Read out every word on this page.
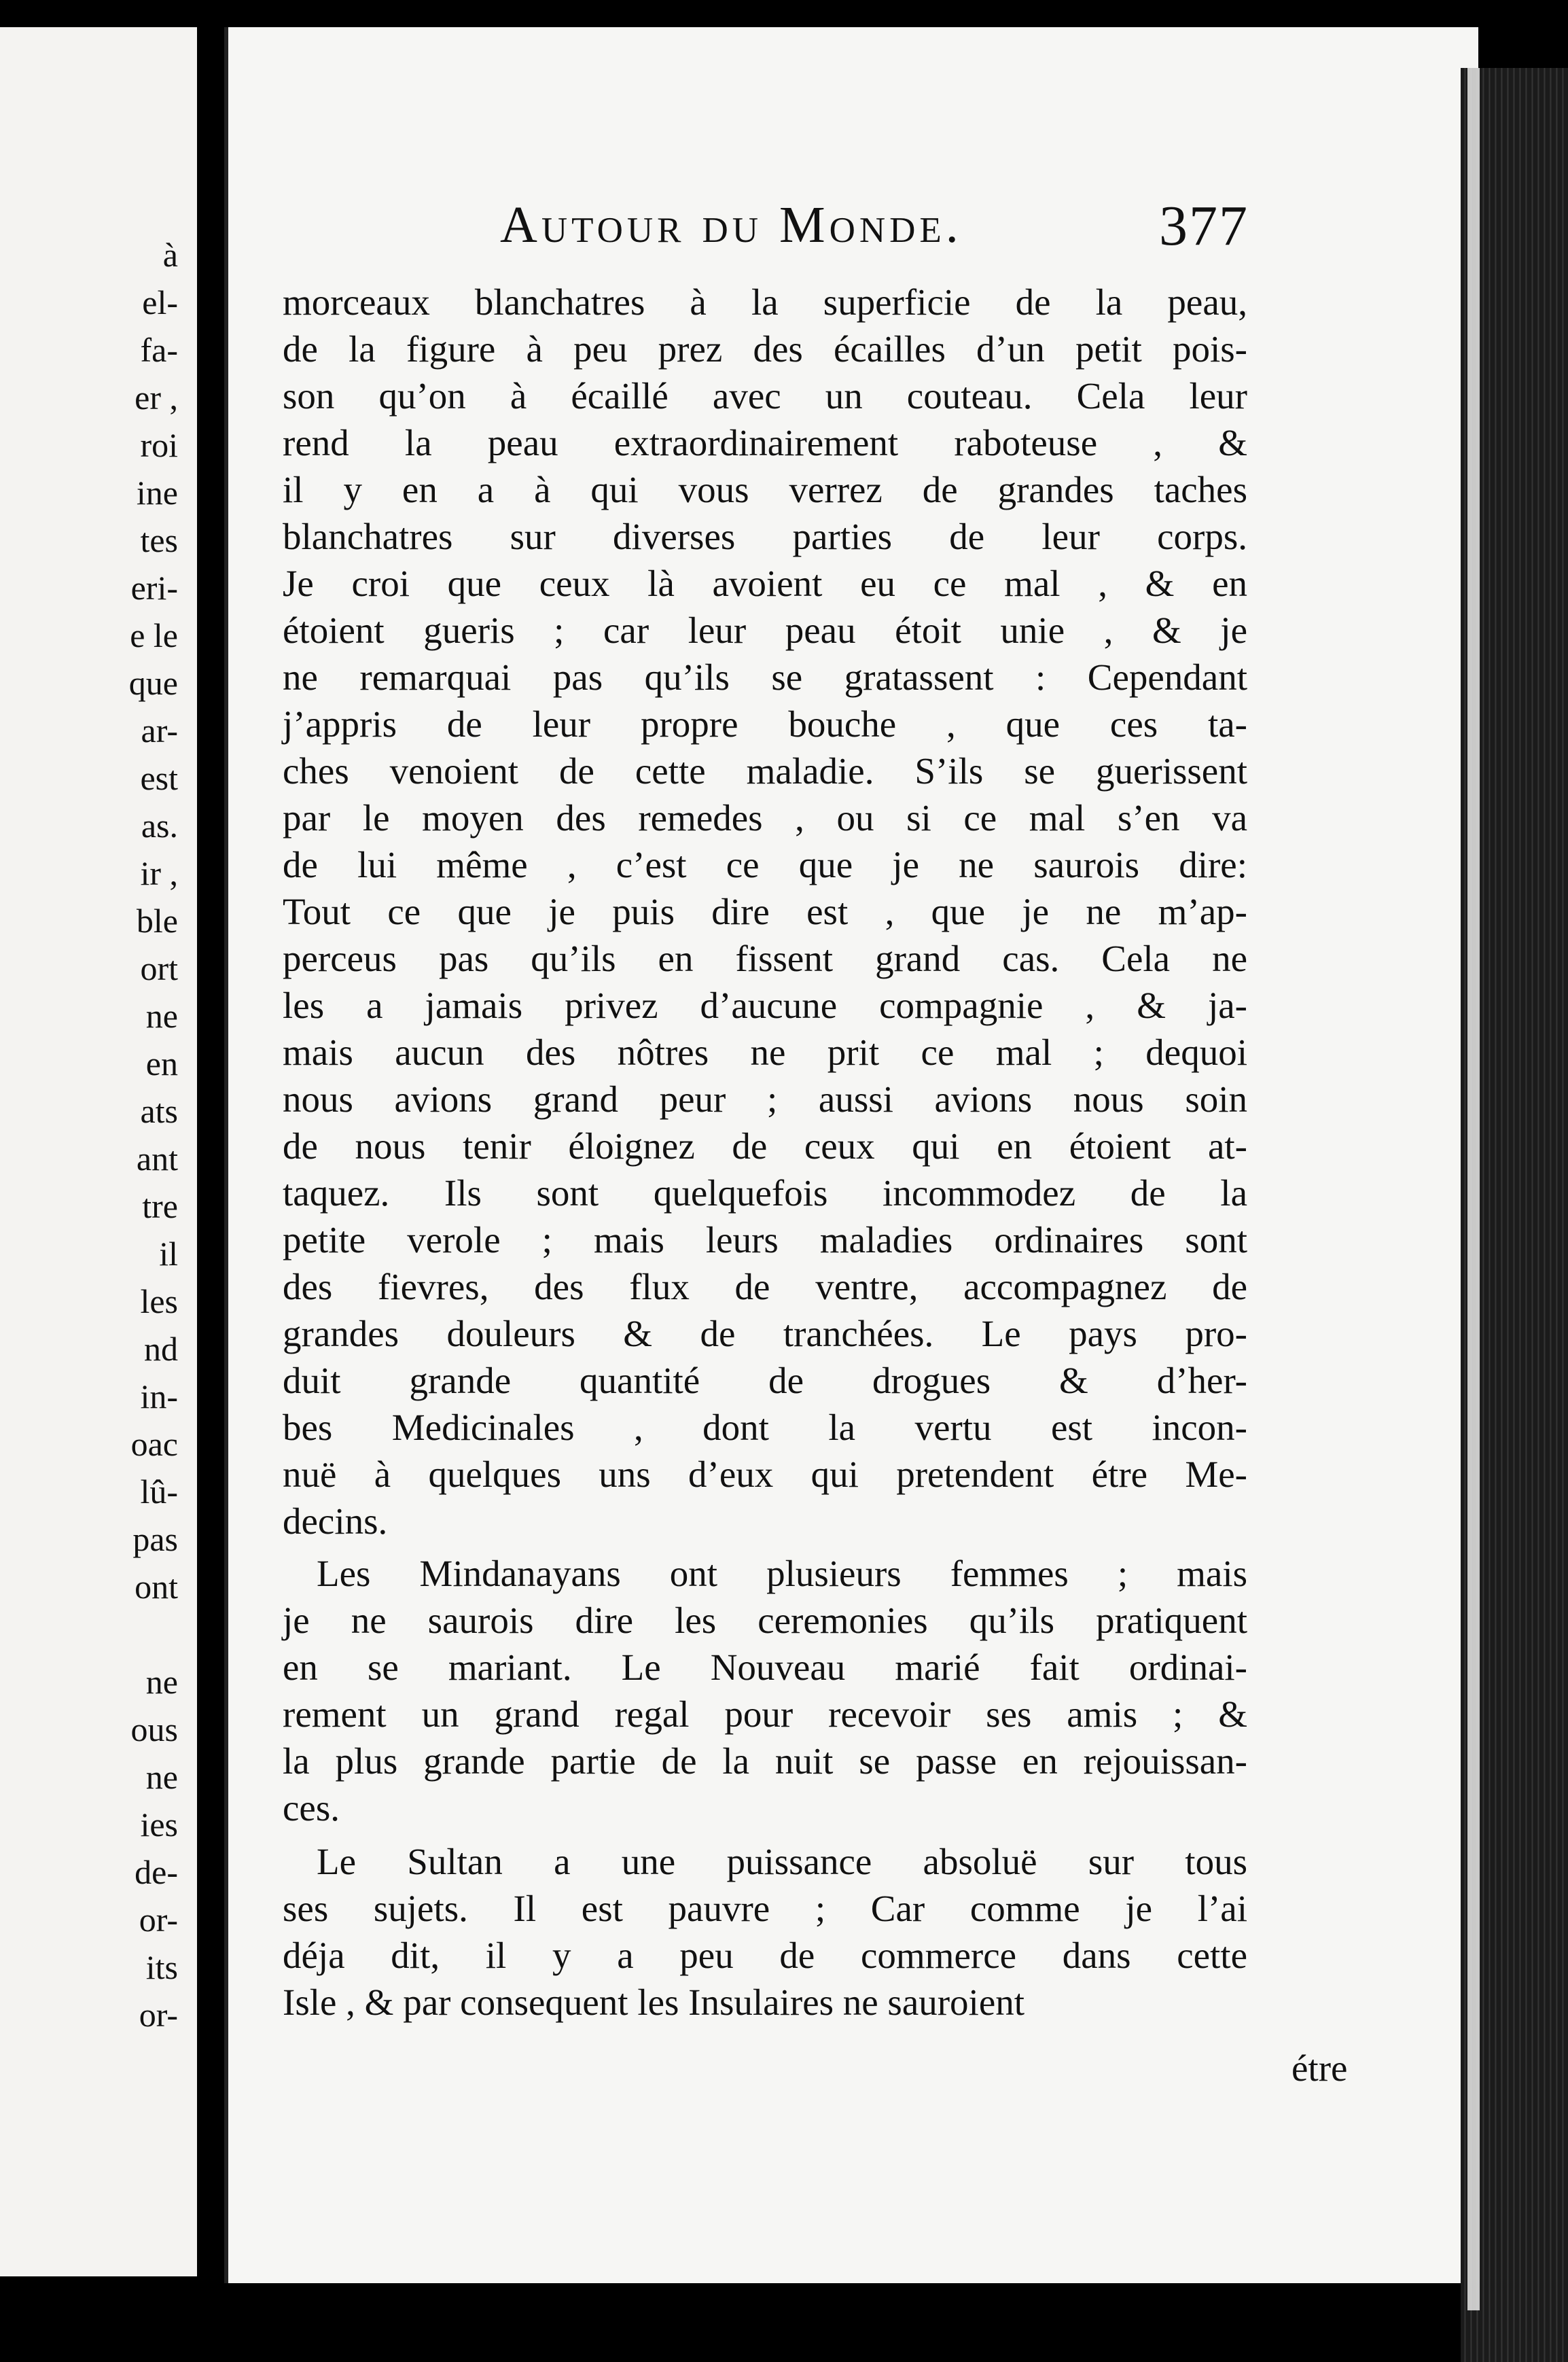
à
el-
fa-
er ,
roi
ine
tes
eri-
e le
que
ar-
est
as.
ir ,
ble
ort
ne
en
ats
ant
tre
il
les
nd
in-
oac
lû-
pas
ont
ne
ous
ne
ies
de-
or-
its
or-
Autour du Monde.	377
morceaux blanchatres à la superficie de la peau,
de la figure à peu prez des écailles d’un petit pois-
son qu’on à écaillé avec un couteau. Cela leur
rend la peau extraordinairement raboteuse , &
il y en a à qui vous verrez de grandes taches
blanchatres sur diverses parties de leur corps.
Je croi que ceux là avoient eu ce mal , & en
étoient gueris ; car leur peau étoit unie , & je
ne remarquai pas qu’ils se gratassent : Cependant
j’appris de leur propre bouche , que ces ta-
ches venoient de cette maladie. S’ils se guerissent
par le moyen des remedes , ou si ce mal s’en va
de lui même , c’est ce que je ne saurois dire:
Tout ce que je puis dire est , que je ne m’ap-
perceus pas qu’ils en fissent grand cas. Cela ne
les a jamais privez d’aucune compagnie , & ja-
mais aucun des nôtres ne prit ce mal ; dequoi
nous avions grand peur ; aussi avions nous soin
de nous tenir éloignez de ceux qui en étoient at-
taquez. Ils sont quelquefois incommodez de la
petite verole ; mais leurs maladies ordinaires sont
des fievres, des flux de ventre, accompagnez de
grandes douleurs & de tranchées. Le pays pro-
duit grande quantité de drogues & d’her-
bes Medicinales , dont la vertu est incon-
nuë à quelques uns d’eux qui pretendent étre Me-
decins.
Les Mindanayans ont plusieurs femmes ; mais
je ne saurois dire les ceremonies qu’ils pratiquent
en se mariant. Le Nouveau marié fait ordinai-
rement un grand regal pour recevoir ses amis ; &
la plus grande partie de la nuit se passe en rejouissan-
ces.
Le Sultan a une puissance absoluë sur tous
ses sujets. Il est pauvre ; Car comme je l’ai
déja dit, il y a peu de commerce dans cette
Isle , & par consequent les Insulaires ne sauroient
étre
